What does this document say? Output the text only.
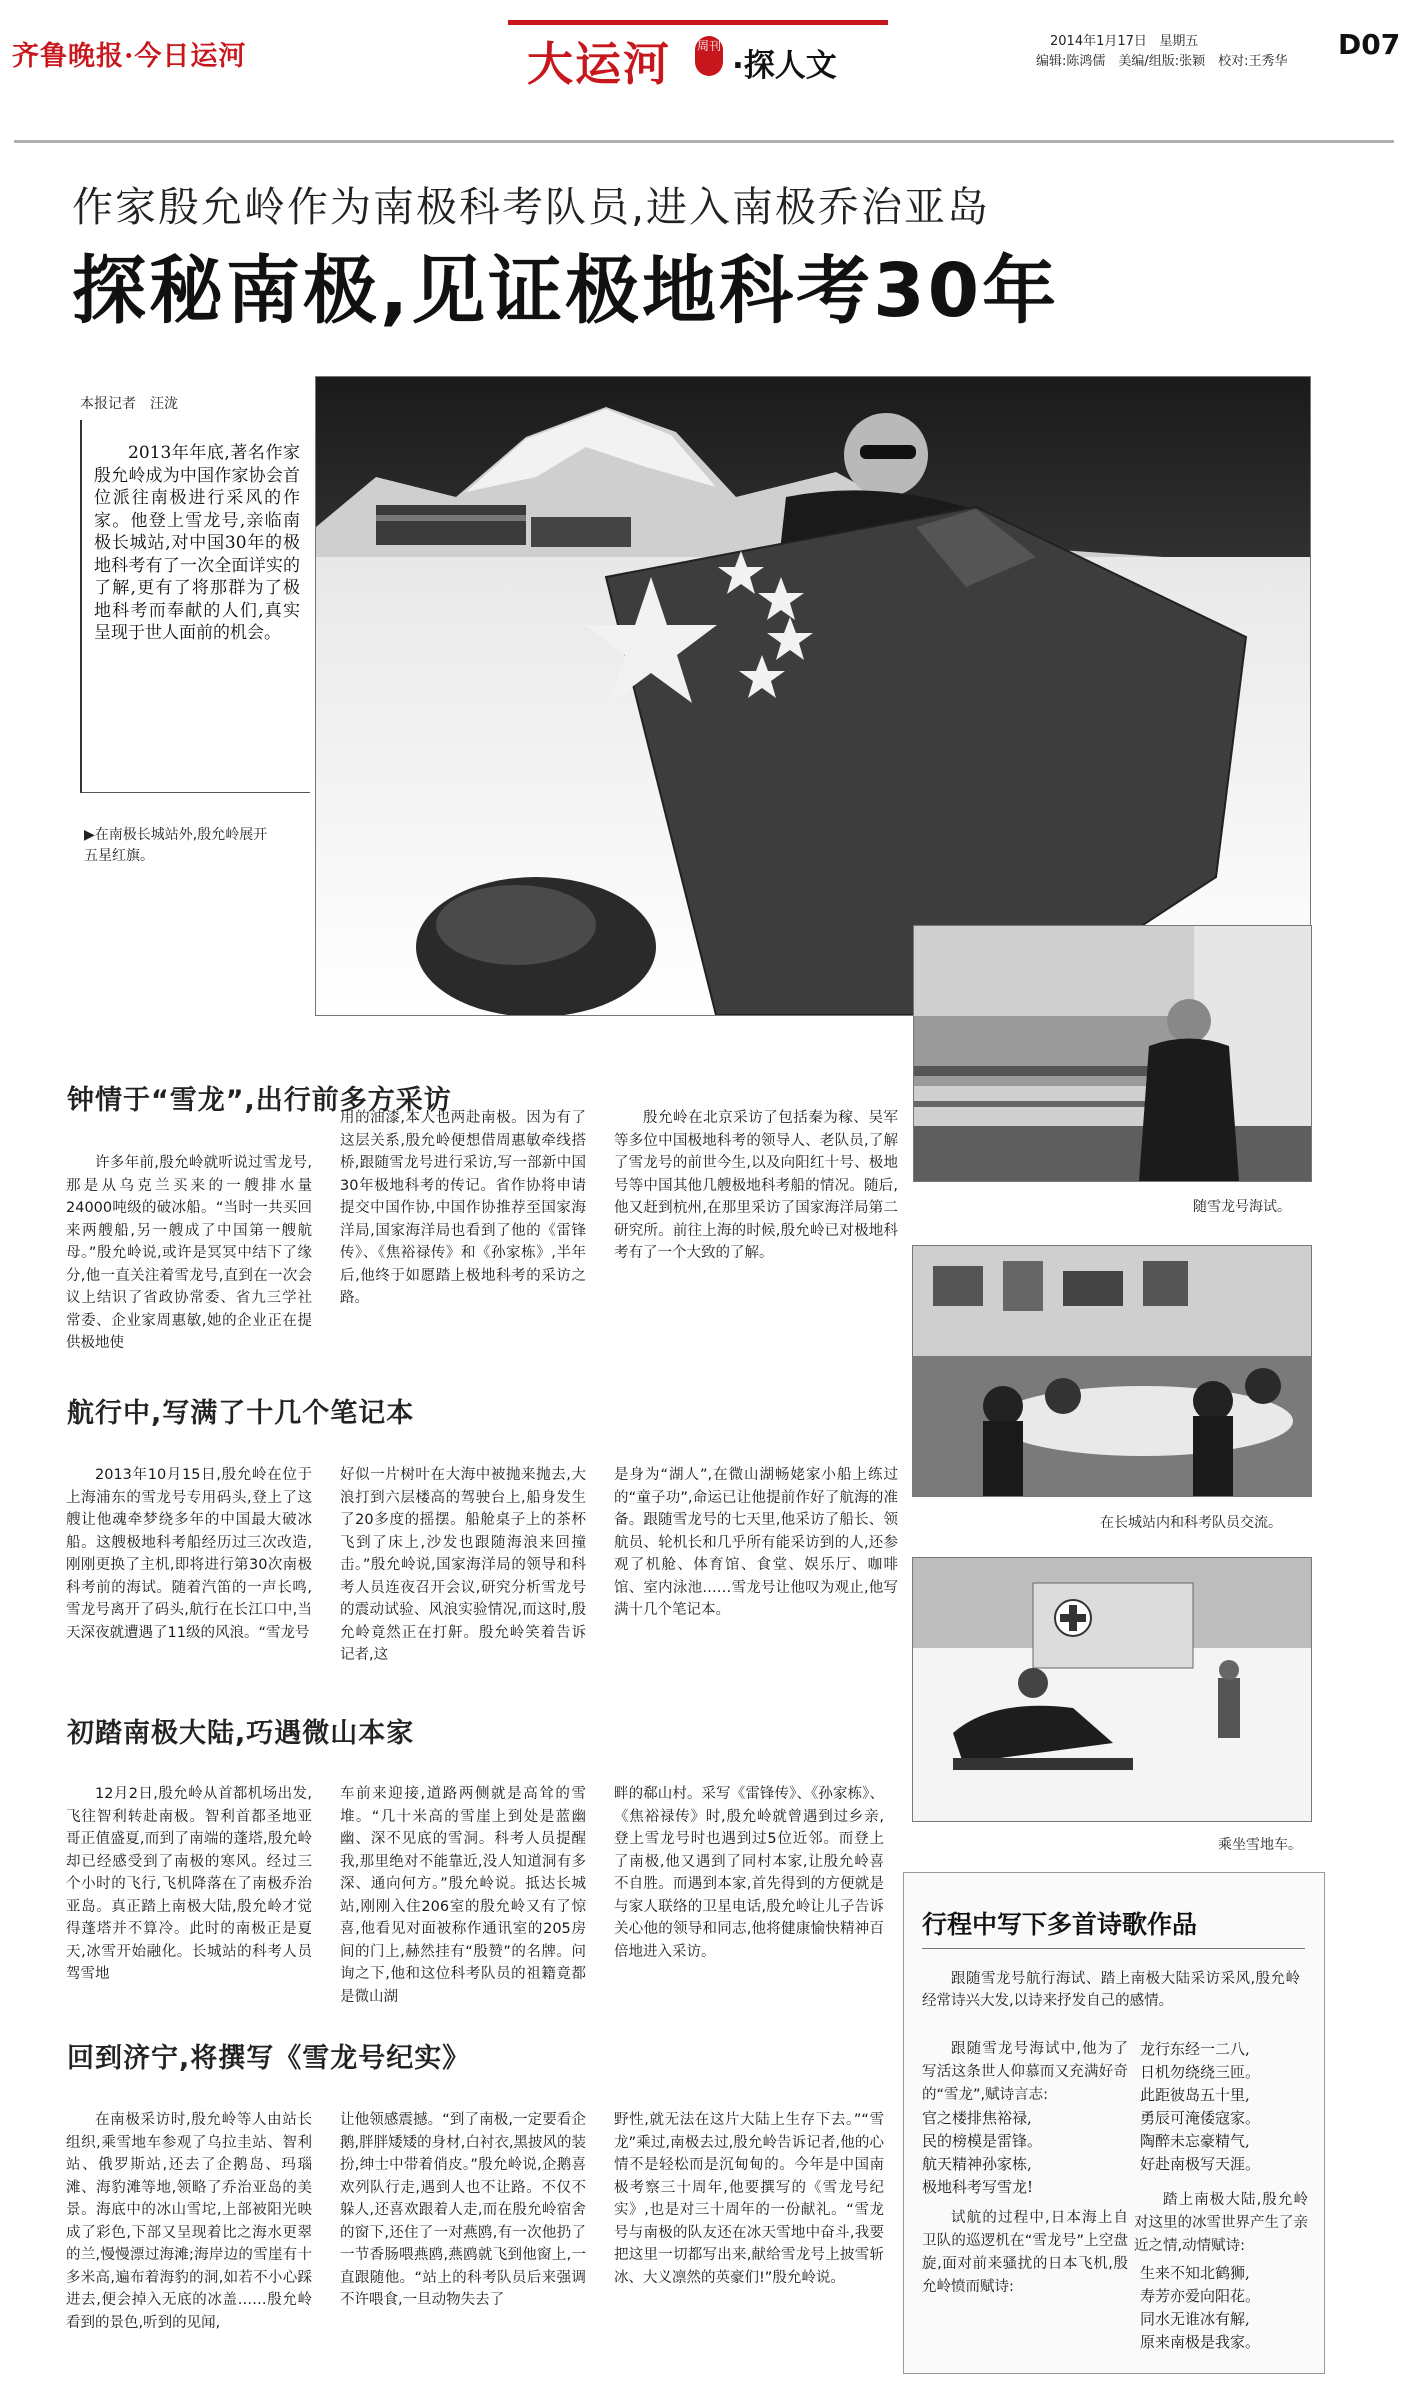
齐鲁晚报·今日运河	大运河 周刊
·探人文
2014年1月17日 星期五	D07
编辑:陈鸿儒　美编/组版:张颖　校对:王秀华
作家殷允岭作为南极科考队员,进入南极乔治亚岛
探秘南极,见证极地科考30年
本报记者　汪泷

2013年年底,著名作家殷允岭成为中国作家协会首位派往南极进行采风的作家。他登上雪龙号,亲临南极长城站,对中国30年的极地科考有了一次全面详实的了解,更有了将那群为了极地科考而奉献的人们,真实呈现于世人面前的机会。

▶在南极长城站外,殷允岭展开五星红旗。
随雪龙号海试。
在长城站内和科考队员交流。
乘坐雪地车。
钟情于“雪龙”,出行前多方采访

许多年前,殷允岭就听说过雪龙号,那是从乌克兰买来的一艘排水量24000吨级的破冰船。“当时一共买回来两艘船,另一艘成了中国第一艘航母。”殷允岭说,或许是冥冥中结下了缘分,他一直关注着雪龙号,直到在一次会议上结识了省政协常委、省九三学社常委、企业家周惠敏,她的企业正在提供极地使

用的油漆,本人也两赴南极。因为有了这层关系,殷允岭便想借周惠敏牵线搭桥,跟随雪龙号进行采访,写一部新中国30年极地科考的传记。省作协将申请提交中国作协,中国作协推荐至国家海洋局,国家海洋局也看到了他的《雷锋传》、《焦裕禄传》和《孙家栋》,半年后,他终于如愿踏上极地科考的采访之路。

殷允岭在北京采访了包括秦为稼、吴军等多位中国极地科考的领导人、老队员,了解了雪龙号的前世今生,以及向阳红十号、极地号等中国其他几艘极地科考船的情况。随后,他又赶到杭州,在那里采访了国家海洋局第二研究所。前往上海的时候,殷允岭已对极地科考有了一个大致的了解。

航行中,写满了十几个笔记本

2013年10月15日,殷允岭在位于上海浦东的雪龙号专用码头,登上了这艘让他魂牵梦绕多年的中国最大破冰船。这艘极地科考船经历过三次改造,刚刚更换了主机,即将进行第30次南极科考前的海试。随着汽笛的一声长鸣,雪龙号离开了码头,航行在长江口中,当天深夜就遭遇了11级的风浪。“雪龙号

好似一片树叶在大海中被抛来抛去,大浪打到六层楼高的驾驶台上,船身发生了20多度的摇摆。船舱桌子上的茶杯飞到了床上,沙发也跟随海浪来回撞击。”殷允岭说,国家海洋局的领导和科考人员连夜召开会议,研究分析雪龙号的震动试验、风浪实验情况,而这时,殷允岭竟然正在打鼾。殷允岭笑着告诉记者,这

是身为“湖人”,在微山湖畅姥家小船上练过的“童子功”,命运已让他提前作好了航海的准备。跟随雪龙号的七天里,他采访了船长、领航员、轮机长和几乎所有能采访到的人,还参观了机舱、体育馆、食堂、娱乐厅、咖啡馆、室内泳池……雪龙号让他叹为观止,他写满十几个笔记本。

初踏南极大陆,巧遇微山本家

12月2日,殷允岭从首都机场出发,飞往智利转赴南极。智利首都圣地亚哥正值盛夏,而到了南端的蓬塔,殷允岭却已经感受到了南极的寒风。经过三个小时的飞行,飞机降落在了南极乔治亚岛。真正踏上南极大陆,殷允岭才觉得蓬塔并不算冷。此时的南极正是夏天,冰雪开始融化。长城站的科考人员驾雪地

车前来迎接,道路两侧就是高耸的雪堆。“几十米高的雪崖上到处是蓝幽幽、深不见底的雪洞。科考人员提醒我,那里绝对不能靠近,没人知道洞有多深、通向何方。”殷允岭说。抵达长城站,刚刚入住206室的殷允岭又有了惊喜,他看见对面被称作通讯室的205房间的门上,赫然挂有“殷赞”的名牌。问询之下,他和这位科考队员的祖籍竟都是微山湖

畔的郗山村。采写《雷锋传》、《孙家栋》、《焦裕禄传》时,殷允岭就曾遇到过乡亲,登上雪龙号时也遇到过5位近邻。而登上了南极,他又遇到了同村本家,让殷允岭喜不自胜。而遇到本家,首先得到的方便就是与家人联络的卫星电话,殷允岭让儿子告诉关心他的领导和同志,他将健康愉快精神百倍地进入采访。

回到济宁,将撰写《雪龙号纪实》

在南极采访时,殷允岭等人由站长组织,乘雪地车参观了乌拉圭站、智利站、俄罗斯站,还去了企鹅岛、玛瑙滩、海豹滩等地,领略了乔治亚岛的美景。海底中的冰山雪坨,上部被阳光映成了彩色,下部又呈现着比之海水更翠的兰,慢慢漂过海滩;海岸边的雪崖有十多米高,遍布着海豹的洞,如若不小心踩进去,便会掉入无底的冰盖……殷允岭看到的景色,听到的见闻,

让他领感震撼。“到了南极,一定要看企鹅,胖胖矮矮的身材,白衬衣,黑披风的装扮,绅士中带着俏皮。”殷允岭说,企鹅喜欢列队行走,遇到人也不让路。不仅不躲人,还喜欢跟着人走,而在殷允岭宿舍的窗下,还住了一对燕鸥,有一次他扔了一节香肠喂燕鸥,燕鸥就飞到他窗上,一直跟随他。“站上的科考队员后来强调不许喂食,一旦动物失去了

野性,就无法在这片大陆上生存下去。”“雪龙”乘过,南极去过,殷允岭告诉记者,他的心情不是轻松而是沉甸甸的。今年是中国南极考察三十周年,他要撰写的《雪龙号纪实》,也是对三十周年的一份献礼。“雪龙号与南极的队友还在冰天雪地中奋斗,我要把这里一切都写出来,献给雪龙号上披雪斩冰、大义凛然的英豪们!”殷允岭说。

行程中写下多首诗歌作品

跟随雪龙号航行海试、踏上南极大陆采访采风,殷允岭经常诗兴大发,以诗来抒发自己的感情。

跟随雪龙号海试中,他为了写活这条世人仰慕而又充满好奇的“雪龙”,赋诗言志:

官之楼排焦裕禄,
民的榜模是雷锋。
航天精神孙家栋,
极地科考写雪龙!

试航的过程中,日本海上自卫队的巡逻机在“雪龙号”上空盘旋,面对前来骚扰的日本飞机,殷允岭愤而赋诗:

龙行东经一二八,
日机勿绕绕三匝。
此距彼岛五十里,
勇辰可淹倭寇家。
陶醉未忘豪精气,
好赴南极写天涯。

踏上南极大陆,殷允岭对这里的冰雪世界产生了亲近之情,动情赋诗:

生来不知北鹤狮,
寿芳亦爱向阳花。
同水无谁冰有解,
原来南极是我家。
